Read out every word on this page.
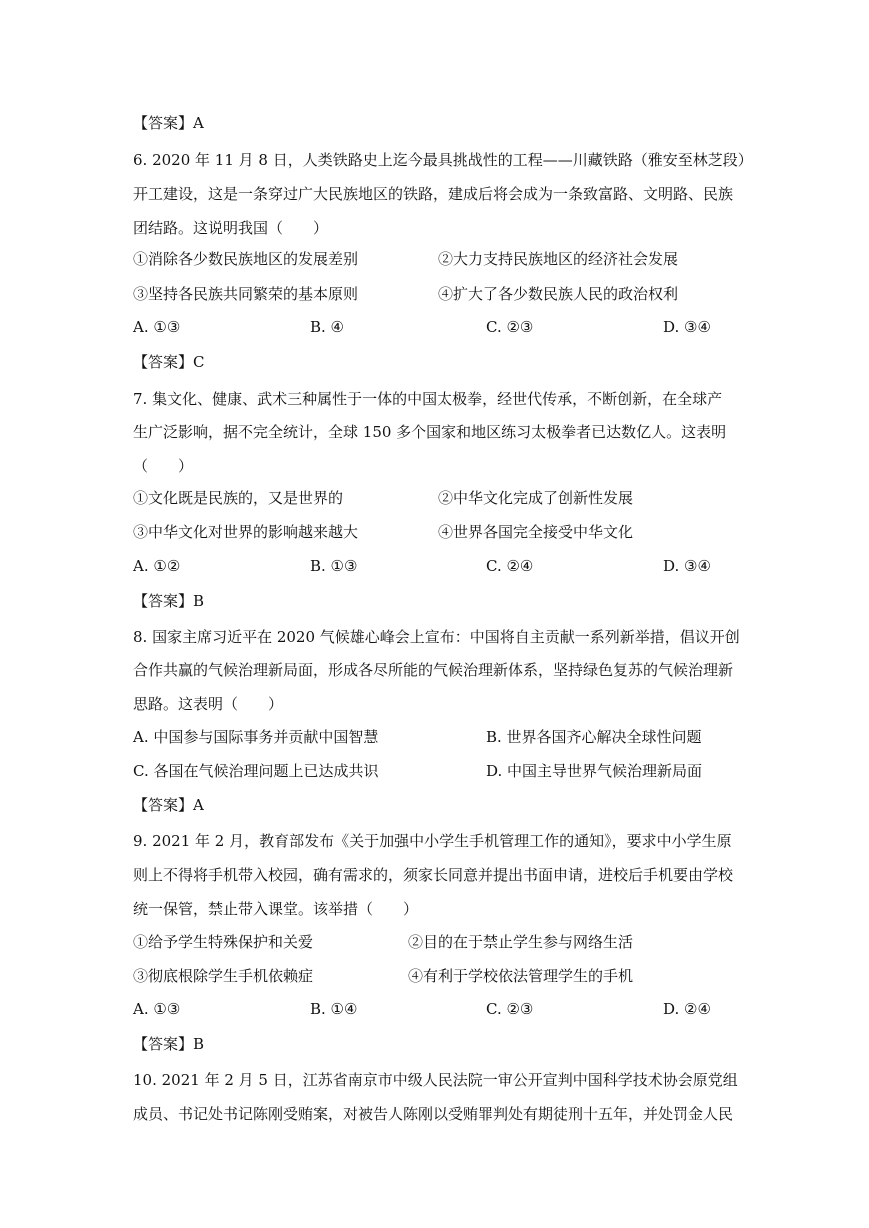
【答案】A
6. 2020 年 11 月 8 日，人类铁路史上迄今最具挑战性的工程——川藏铁路（雅安至林芝段）
开工建设，这是一条穿过广大民族地区的铁路，建成后将会成为一条致富路、文明路、民族
团结路。这说明我国（　　）
①消除各少数民族地区的发展差别	②大力支持民族地区的经济社会发展
③坚持各民族共同繁荣的基本原则	④扩大了各少数民族人民的政治权利
A. ①③	B. ④	C. ②③	D. ③④
【答案】C
7. 集文化、健康、武术三种属性于一体的中国太极拳，经世代传承，不断创新，在全球产
生广泛影响，据不完全统计，全球 150 多个国家和地区练习太极拳者已达数亿人。这表明
（　　）
①文化既是民族的，又是世界的	②中华文化完成了创新性发展
③中华文化对世界的影响越来越大	④世界各国完全接受中华文化
A. ①②	B. ①③	C. ②④	D. ③④
【答案】B
8. 国家主席习近平在 2020 气候雄心峰会上宣布：中国将自主贡献一系列新举措，倡议开创
合作共赢的气候治理新局面，形成各尽所能的气候治理新体系，坚持绿色复苏的气候治理新
思路。这表明（　　）
A. 中国参与国际事务并贡献中国智慧	B. 世界各国齐心解决全球性问题
C. 各国在气候治理问题上已达成共识	D. 中国主导世界气候治理新局面
【答案】A
9. 2021 年 2 月，教育部发布《关于加强中小学生手机管理工作的通知》，要求中小学生原
则上不得将手机带入校园，确有需求的，须家长同意并提出书面申请，进校后手机要由学校
统一保管，禁止带入课堂。该举措（　　）
①给予学生特殊保护和关爱	②目的在于禁止学生参与网络生活
③彻底根除学生手机依赖症	④有利于学校依法管理学生的手机
A. ①③	B. ①④	C. ②③	D. ②④
【答案】B
10. 2021 年 2 月 5 日，江苏省南京市中级人民法院一审公开宣判中国科学技术协会原党组
成员、书记处书记陈刚受贿案，对被告人陈刚以受贿罪判处有期徒刑十五年，并处罚金人民
